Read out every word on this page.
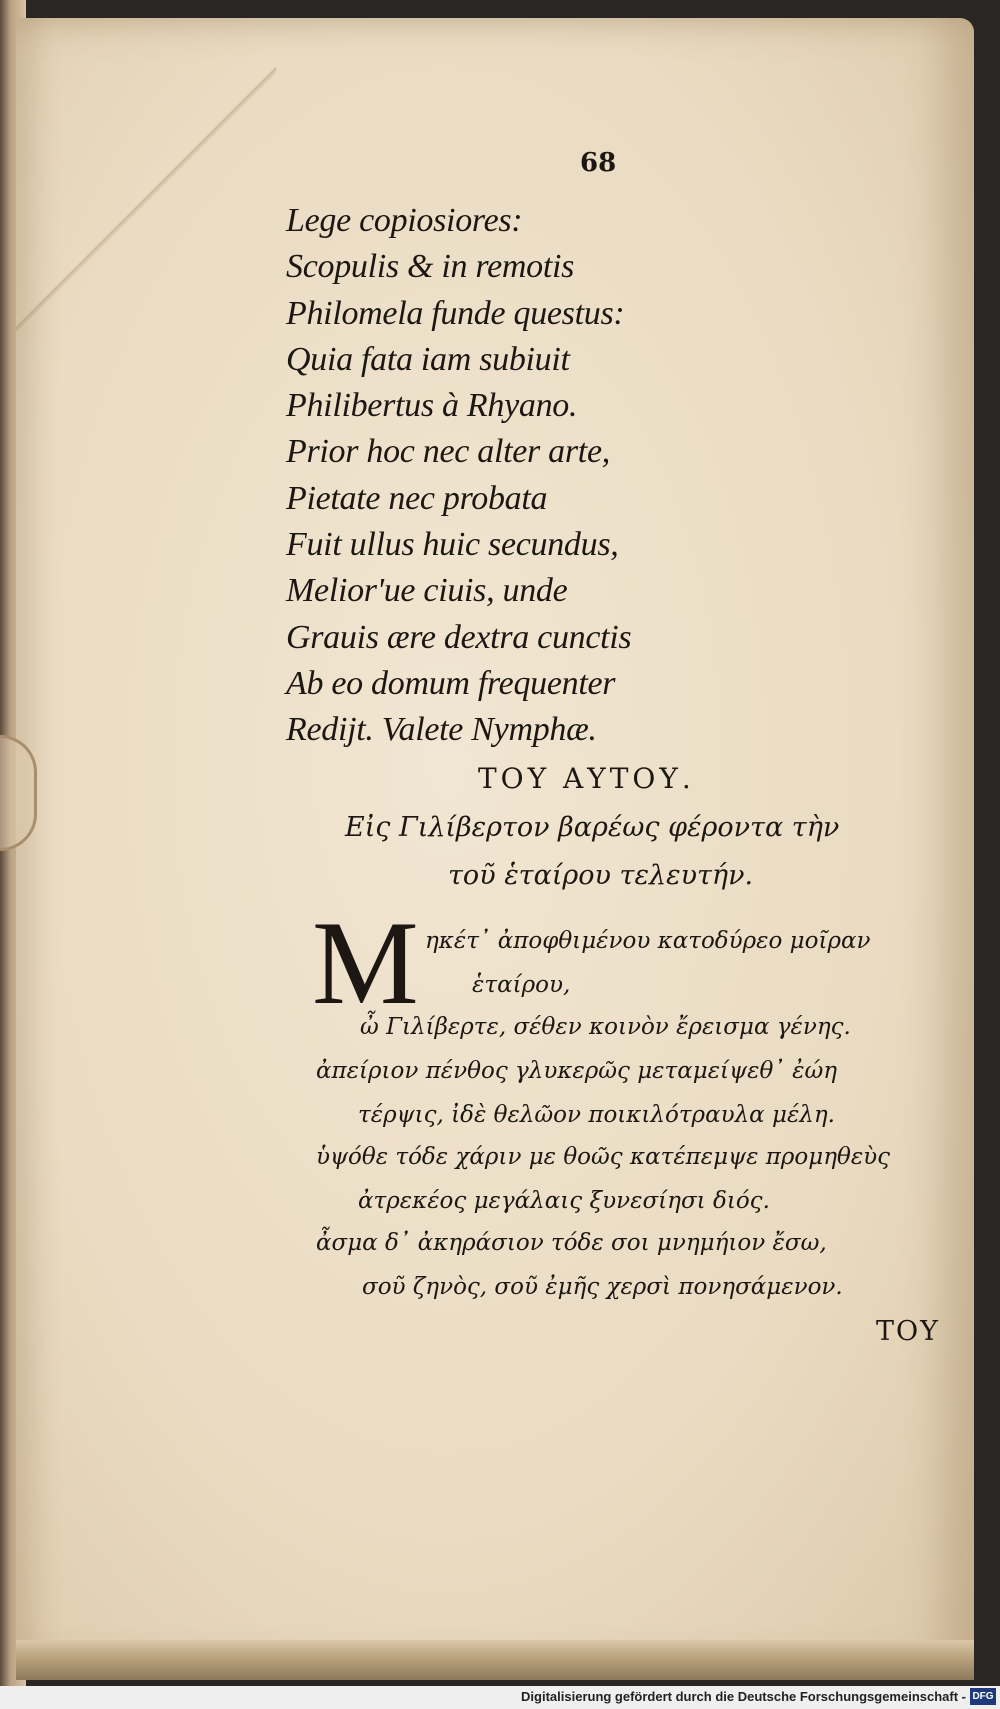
68
Lege copiosiores:
Scopulis & in remotis
Philomela funde questus:
Quia fata iam subiuit
Philibertus à Rhyano.
Prior hoc nec alter arte,
Pietate nec probata
Fuit ullus huic secundus,
Melior'ue ciuis, unde
Grauis ære dextra cunctis
Ab eo domum frequenter
Rediјt. Valete Nymphæ.
ΤΟΥ ΑΥΤΟΥ.
Εἰς Γιλίβερτον βαρέως φέροντα τὴν
τοῦ ἑταίρου τελευτήν.
M ηκέτ᾽ ἀποφθιμένου κατοδύρεο μοῖραν
ἑταίρου,
ὦ Γιλίβερτε, σέθεν κοινὸν ἔρεισμα γένης.
ἀπείριον πένθος γλυκερῶς μεταμείψεθ᾽ ἐώη
τέρψις, ἰδὲ θελῶον ποικιλότραυλα μέλη.
ὑψόθε τόδε χάριν με θοῶς κατέπεμψε προμηθεὺς
ἀτρεκέος μεγάλαις ξυνεσίησι διός.
ἆσμα δ᾽ ἀκηράσιον τόδε σοι μνημήιον ἔσω,
σοῦ ζηνὸς, σοῦ ἐμῆς χερσὶ πονησάμενον.
ΤΟΥ
Digitalisierung gefördert durch die Deutsche Forschungsgemeinschaft - DFG
